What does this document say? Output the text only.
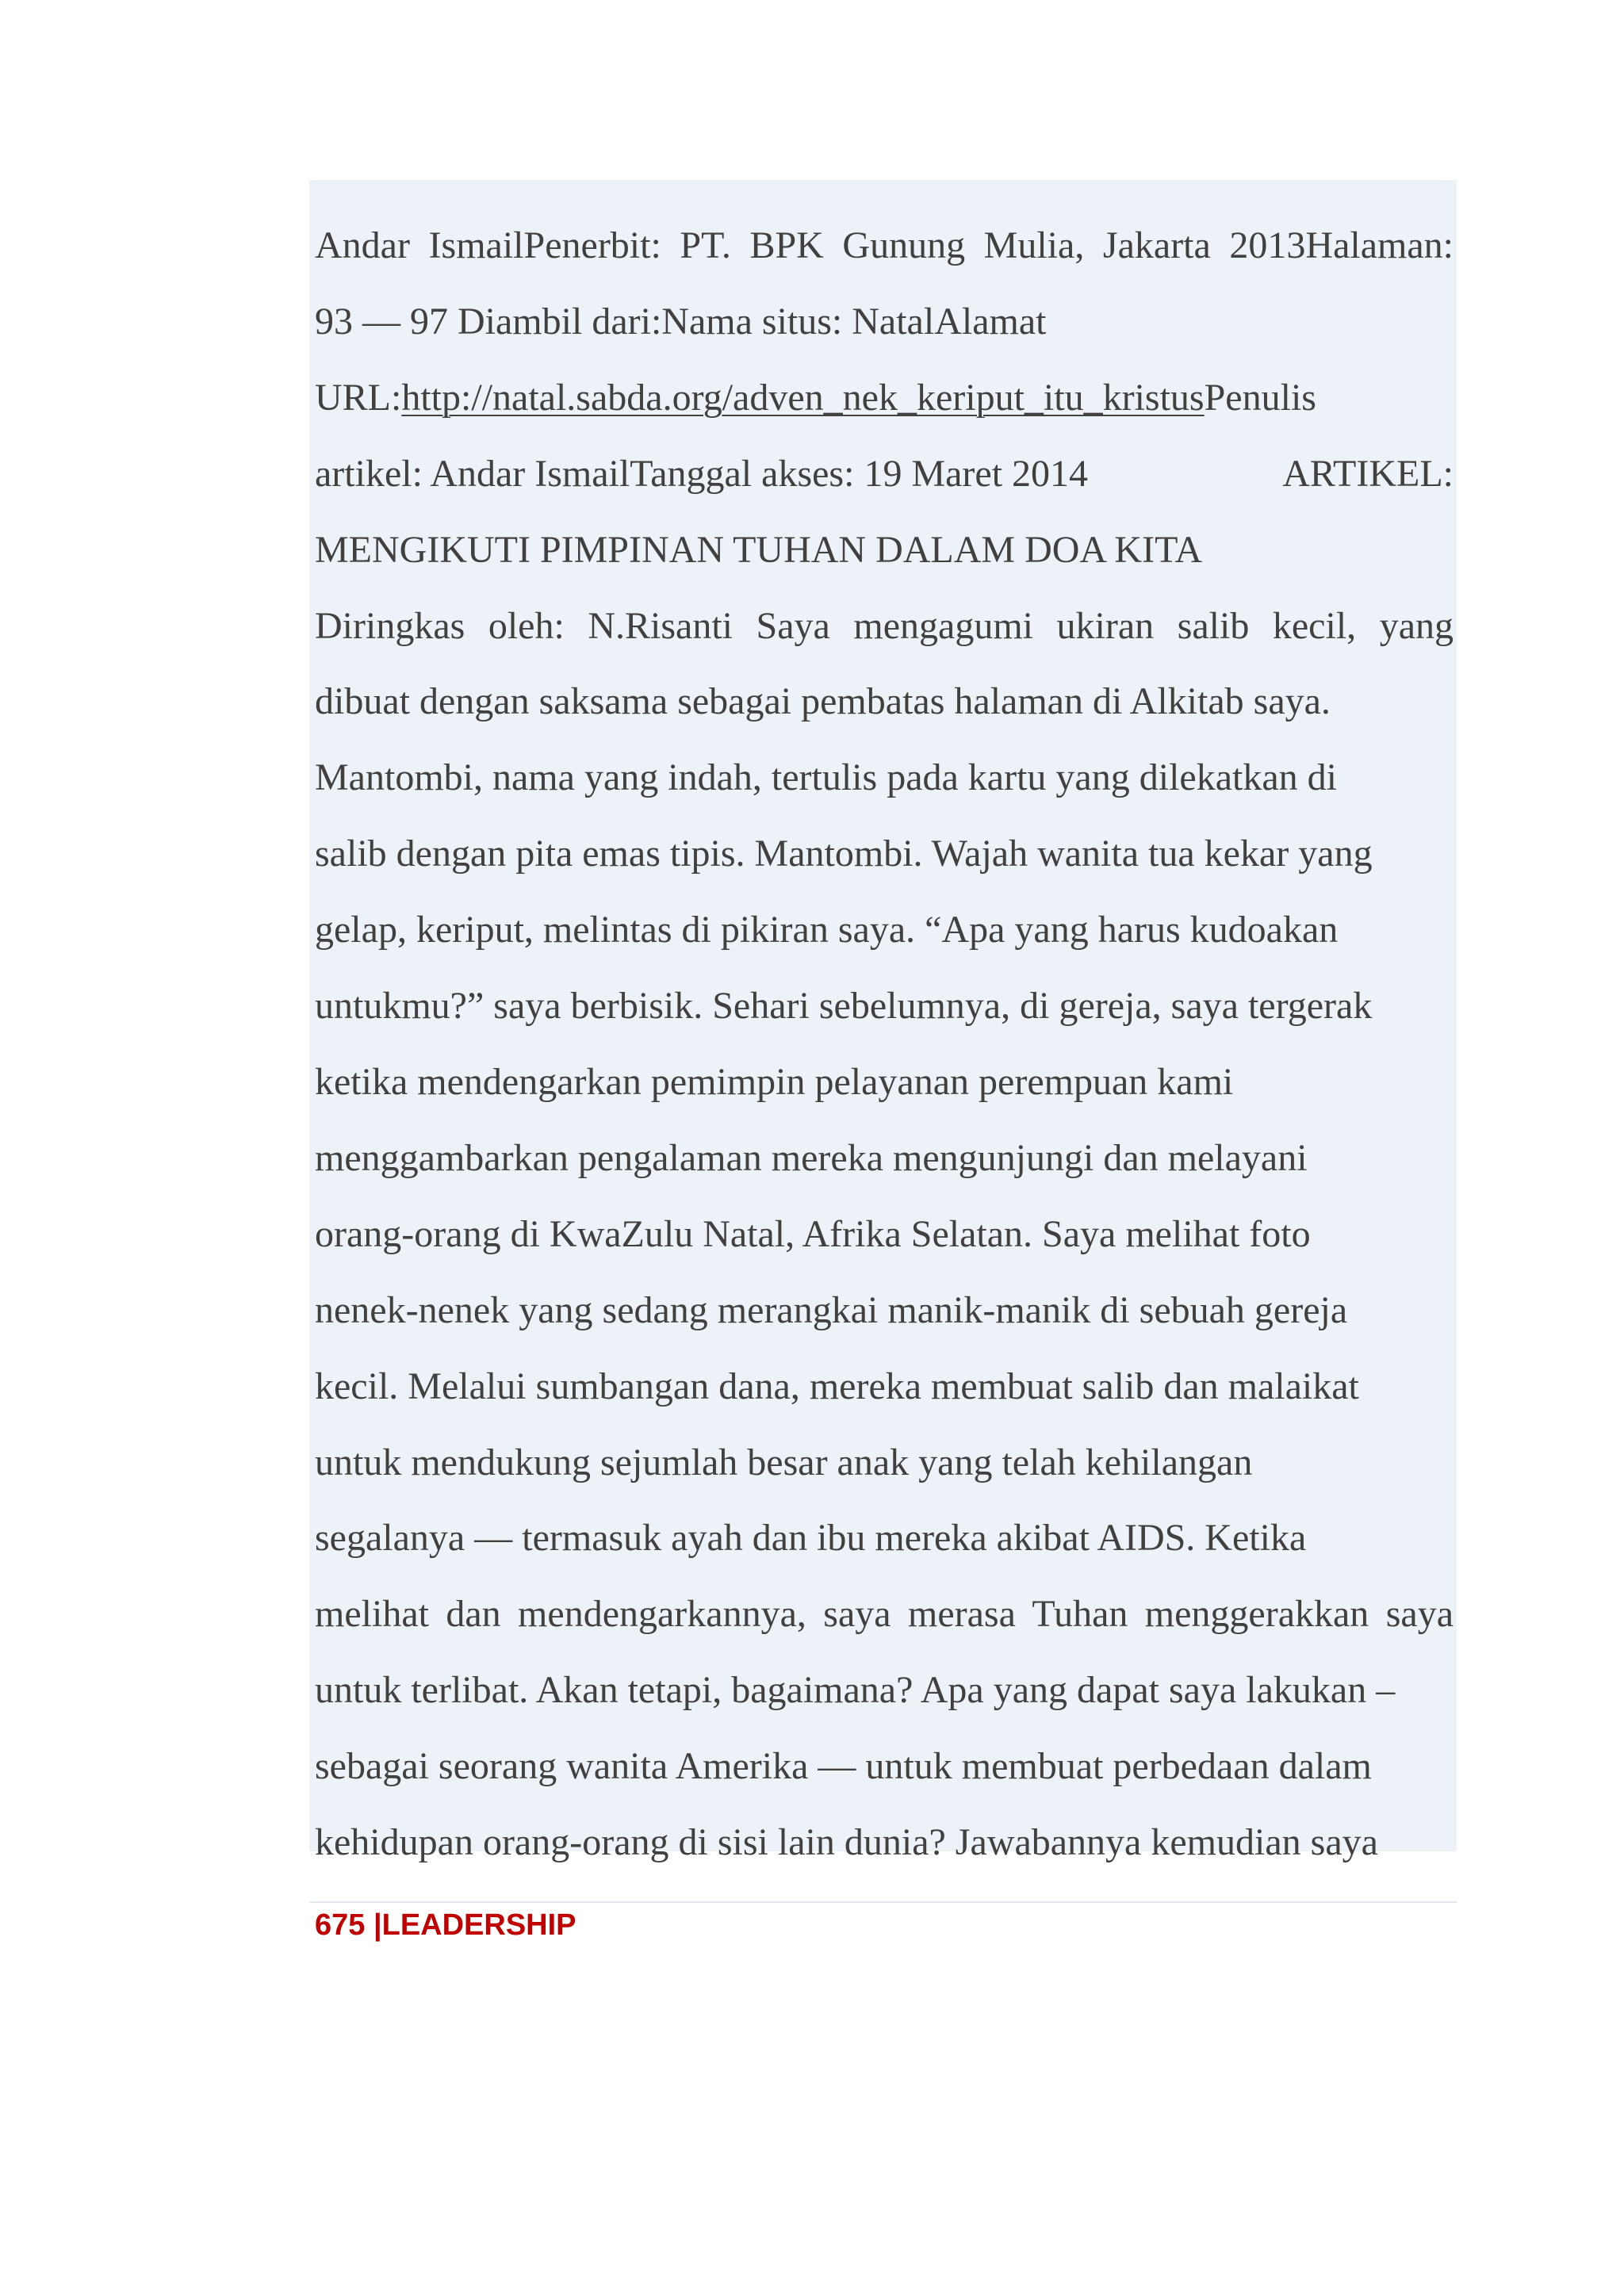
Andar IsmailPenerbit: PT. BPK Gunung Mulia, Jakarta 2013Halaman:
93 — 97 Diambil dari:Nama situs: NatalAlamat
URL:http://natal.sabda.org/adven_nek_keriput_itu_kristusPenulis
artikel: Andar IsmailTanggal akses: 19 Maret 2014	ARTIKEL:
MENGIKUTI PIMPINAN TUHAN DALAM DOA KITA
Diringkas oleh: N.Risanti Saya mengagumi ukiran salib kecil, yang
dibuat dengan saksama sebagai pembatas halaman di Alkitab saya.
Mantombi, nama yang indah, tertulis pada kartu yang dilekatkan di
salib dengan pita emas tipis. Mantombi. Wajah wanita tua kekar yang
gelap, keriput, melintas di pikiran saya. “Apa yang harus kudoakan
untukmu?” saya berbisik. Sehari sebelumnya, di gereja, saya tergerak
ketika mendengarkan pemimpin pelayanan perempuan kami
menggambarkan pengalaman mereka mengunjungi dan melayani
orang-orang di KwaZulu Natal, Afrika Selatan. Saya melihat foto
nenek-nenek yang sedang merangkai manik-manik di sebuah gereja
kecil. Melalui sumbangan dana, mereka membuat salib dan malaikat
untuk mendukung sejumlah besar anak yang telah kehilangan
segalanya — termasuk ayah dan ibu mereka akibat AIDS. Ketika
melihat dan mendengarkannya, saya merasa Tuhan menggerakkan saya
untuk terlibat. Akan tetapi, bagaimana? Apa yang dapat saya lakukan –
sebagai seorang wanita Amerika — untuk membuat perbedaan dalam
kehidupan orang-orang di sisi lain dunia? Jawabannya kemudian saya
675 |LEADERSHIP
